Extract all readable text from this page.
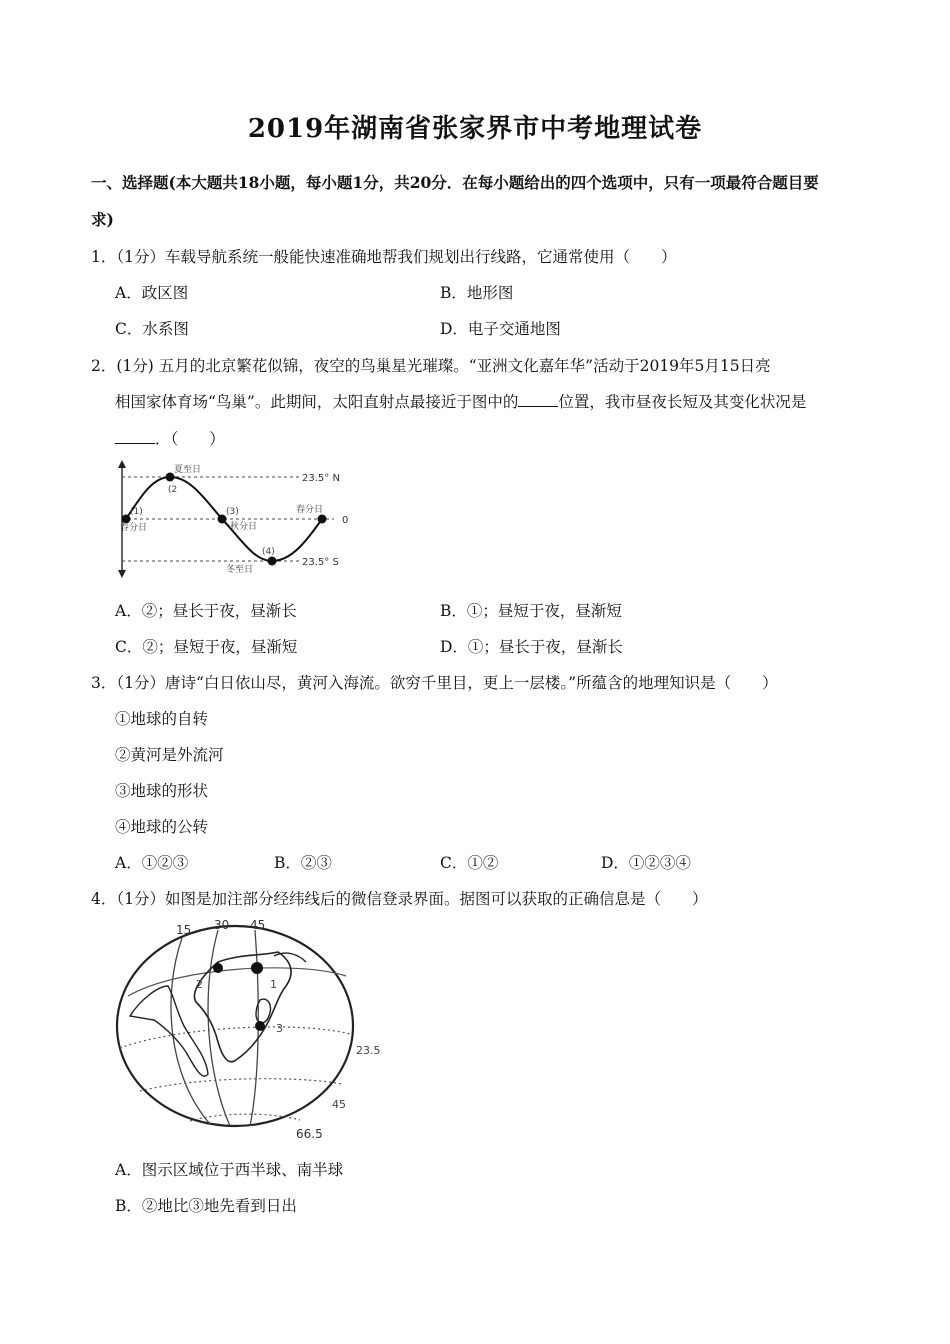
2019年湖南省张家界市中考地理试卷
一、选择题(本大题共18小题，每小题1分，共20分．在每小题给出的四个选项中，只有一项最符合题目要
求)
1．（1分）车载导航系统一般能快速准确地帮我们规划出行线路，它通常使用（　　）
A．政区图	B．地形图
C．水系图	D．电子交通地图
2．(1分) 五月的北京繁花似锦，夜空的鸟巢星光璀璨。“亚洲文化嘉年华”活动于2019年5月15日亮
相国家体育场“鸟巢”。此期间，太阳直射点最接近于图中的	位置，我市昼夜长短及其变化状况是
．（　　）
23.5° N
0
23.5° S
夏至日
(2
(1)
春分日
(3)
秋分日
春分日
(4)
冬至日
A．②；昼长于夜，昼渐长	B．①；昼短于夜，昼渐短
C．②；昼短于夜，昼渐短	D．①；昼长于夜，昼渐长
3．（1分）唐诗“白日依山尽，黄河入海流。欲穷千里目，更上一层楼。”所蕴含的地理知识是（　　）
①地球的自转
②黄河是外流河
③地球的形状
④地球的公转
A．①②③	B．②③	C．①②	D．①②③④
4．（1分）如图是加注部分经纬线后的微信登录界面。据图可以获取的正确信息是（　　）
15 30 45
23.5
45
66.5
2	1
3
A．图示区域位于西半球、南半球
B．②地比③地先看到日出
